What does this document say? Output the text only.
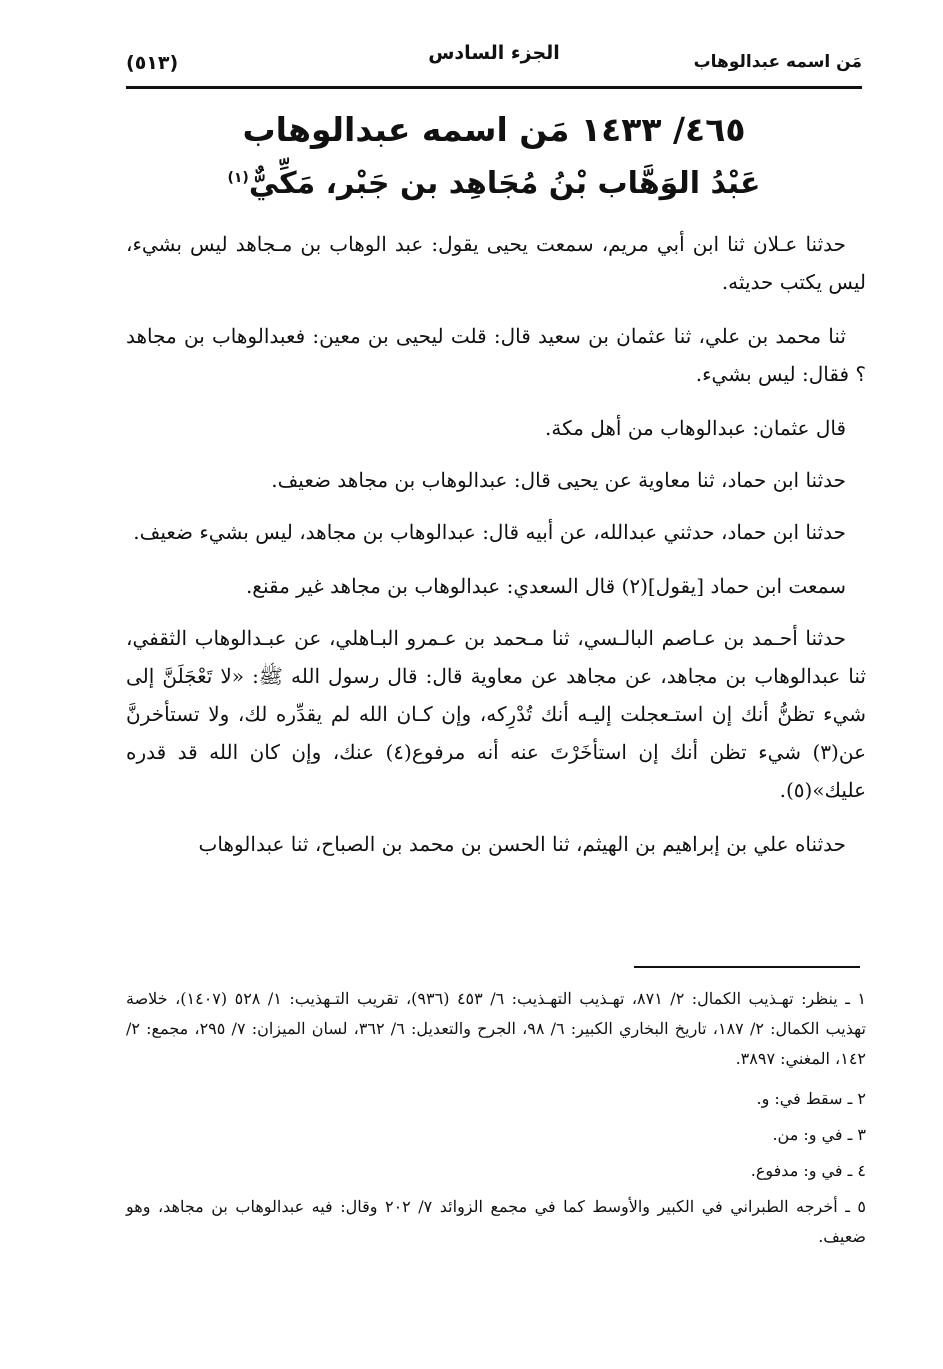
مَن اسمه عبدالوهاب
الجزء السادس
(٥١٣)
٤٦٥/ ١٤٣٣ مَن اسمه عبدالوهاب
عَبْدُ الوَهَّاب بْنُ مُجَاهِد بن جَبْر، مَكِّيٌّ$^{(١)}$

حدثنا عـلان ثنا ابن أبي مريم، سمعت يحيى يقول: عبد الوهاب بن مـجاهد ليس بشيء، ليس يكتب حديثه.

ثنا محمد بن علي، ثنا عثمان بن سعيد قال: قلت ليحيى بن معين: فعبدالوهاب بن مجاهد ؟ فقال: ليس بشيء.

قال عثمان: عبدالوهاب من أهل مكة.

حدثنا ابن حماد، ثنا معاوية عن يحيى قال: عبدالوهاب بن مجاهد ضعيف.

حدثنا ابن حماد، حدثني عبدالله، عن أبيه قال: عبدالوهاب بن مجاهد، ليس بشيء ضعيف.

سمعت ابن حماد [يقول](٢) قال السعدي: عبدالوهاب بن مجاهد غير مقنع.

حدثنا أحـمد بن عـاصم البالـسي، ثنا مـحمد بن عـمرو البـاهلي، عن عبـدالوهاب الثقفي، ثنا عبدالوهاب بن مجاهد، عن مجاهد عن معاوية قال: قال رسول الله ﷺ: «لا تَعْجَلَنَّ إلى شيء تظنُّ أنك إن استـعجلت إليـه أنك تُدْرِكه، وإن كـان الله لم يقدِّره لك، ولا تستأخرنَّ عن(٣) شيء تظن أنك إن استأخَرْتَ عنه أنه مرفوع(٤) عنك، وإن كان الله قد قدره عليك»(٥).

حدثناه علي بن إبراهيم بن الهيثم، ثنا الحسن بن محمد بن الصباح، ثنا عبدالوهاب

١ ـ ينظر: تهـذيب الكمال: ٢/ ٨٧١، تهـذيب التهـذيب: ٦/ ٤٥٣ (٩٣٦)، تقريب التـهذيب: ١/ ٥٢٨ (١٤٠٧)، خلاصة تهذيب الكمال: ٢/ ١٨٧، تاريخ البخاري الكبير: ٦/ ٩٨، الجرح والتعديل: ٦/ ٣٦٢، لسان الميزان: ٧/ ٢٩٥، مجمع: ٢/ ١٤٢، المغني: ٣٨٩٧.
٢ ـ سقط في: و.
٣ ـ في و: من.
٤ ـ في و: مدفوع.
٥ ـ أخرجه الطبراني في الكبير والأوسط كما في مجمع الزوائد ٧/ ٢٠٢ وقال: فيه عبدالوهاب بن مجاهد، وهو ضعيف.
